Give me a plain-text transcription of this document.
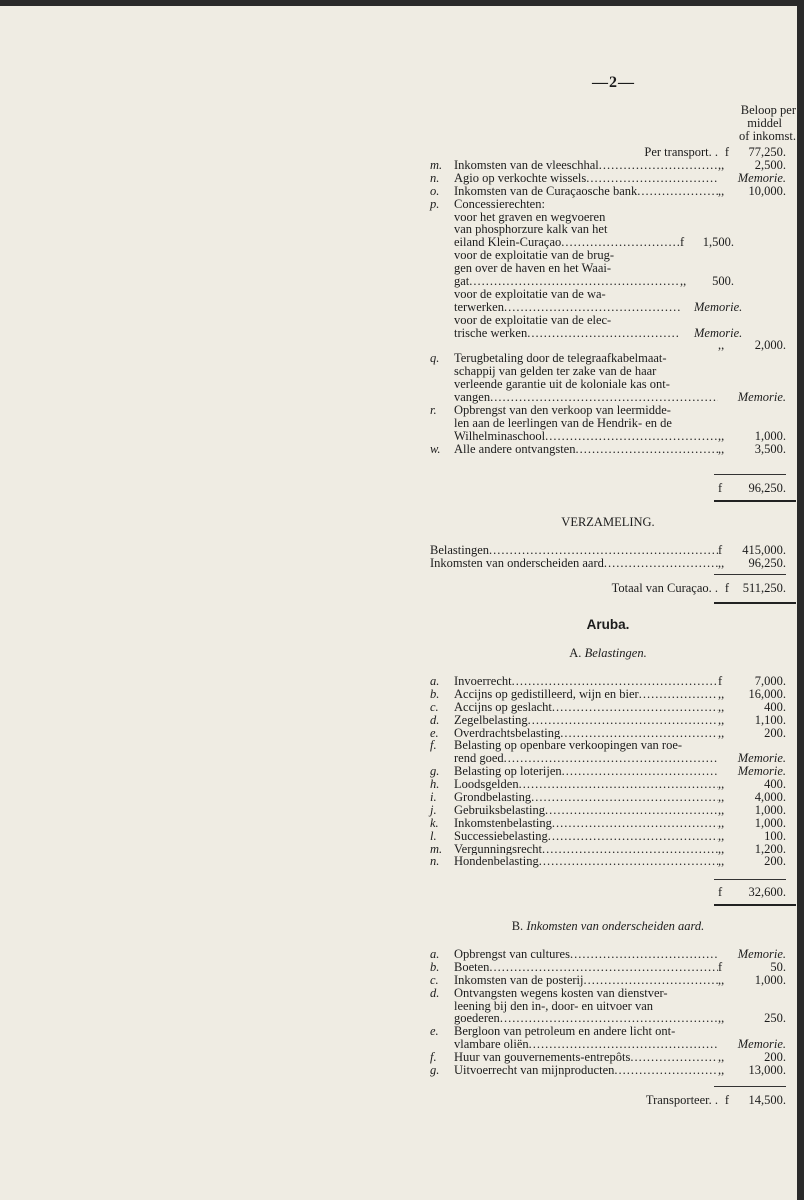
—2—
Beloop per
middel
of inkomst.
Per transport. . f	77,250.
m. Inkomsten van de vleeschhal .....	,,	2,500.
n.	Agio op verkochte wissels .....	Memorie.
o.	Inkomsten van de Curaçaosche bank .....	,,	10,000.
p.	Concessierechten:
voor het graven en wegvoeren
van phosphorzure kalk van het
eiland Klein-Curaçao .....	f	1,500.
voor de exploitatie van de brug-
gen over de haven en het Waai-
gat .....	,,	500.
voor de exploitatie van de wa-
terwerken .....	Memorie.
voor de exploitatie van de elec-
trische werken .....	Memorie.
,,	2,000.
q.	Terugbetaling door de telegraafkabelmaat-
schappij van gelden ter zake van de haar
verleende garantie uit de koloniale kas ont-
vangen .....	Memorie.
r.	Opbrengst van den verkoop van leermidde-
len aan de leerlingen van de Hendrik- en de
Wilhelminaschool .....	,,	1,000.
w.	Alle andere ontvangsten .....	,,	3,500.
f	96,250.
VERZAMELING.
Belastingen .....	f	415,000.
Inkomsten van onderscheiden aard .....	,,	96,250.
Totaal van Curaçao. . f	511,250.
Aruba.
A. Belastingen.
a.	Invoerrecht .....	f	7,000.
b.	Accijns op gedistilleerd, wijn en bier .....	,,	16,000.
c.	Accijns op geslacht .....	,,	400.
d.	Zegelbelasting .....	,,	1,100.
e.	Overdrachtsbelasting .....	,,	200.
f.	Belasting op openbare verkoopingen van roe-
rend goed .....	Memorie.
g.	Belasting op loterijen .....	Memorie.
h.	Loodsgelden .....	,,	400.
i.	Grondbelasting .....	,,	4,000.
j.	Gebruiksbelasting .....	,,	1,000.
k.	Inkomstenbelasting .....	,,	1,000.
l.	Successiebelasting .....	,,	100.
m. Vergunningsrecht .....	,,	1,200.
n.	Hondenbelasting .....	,,	200.
f	32,600.
B. Inkomsten van onderscheiden aard.
a.	Opbrengst van cultures .....	Memorie.
b.	Boeten .....	f	50.
c.	Inkomsten van de posterij .....	,,	1,000.
d.	Ontvangsten wegens kosten van dienstver-
leening bij den in-, door- en uitvoer van
goederen .....	,,	250.
e.	Bergloon van petroleum en andere licht ont-
vlambare oliën .....	Memorie.
f.	Huur van gouvernements-entrepôts .....	,,	200.
g.	Uitvoerrecht van mijnproducten .....	,,	13,000.
Transporteer. . f	14,500.
